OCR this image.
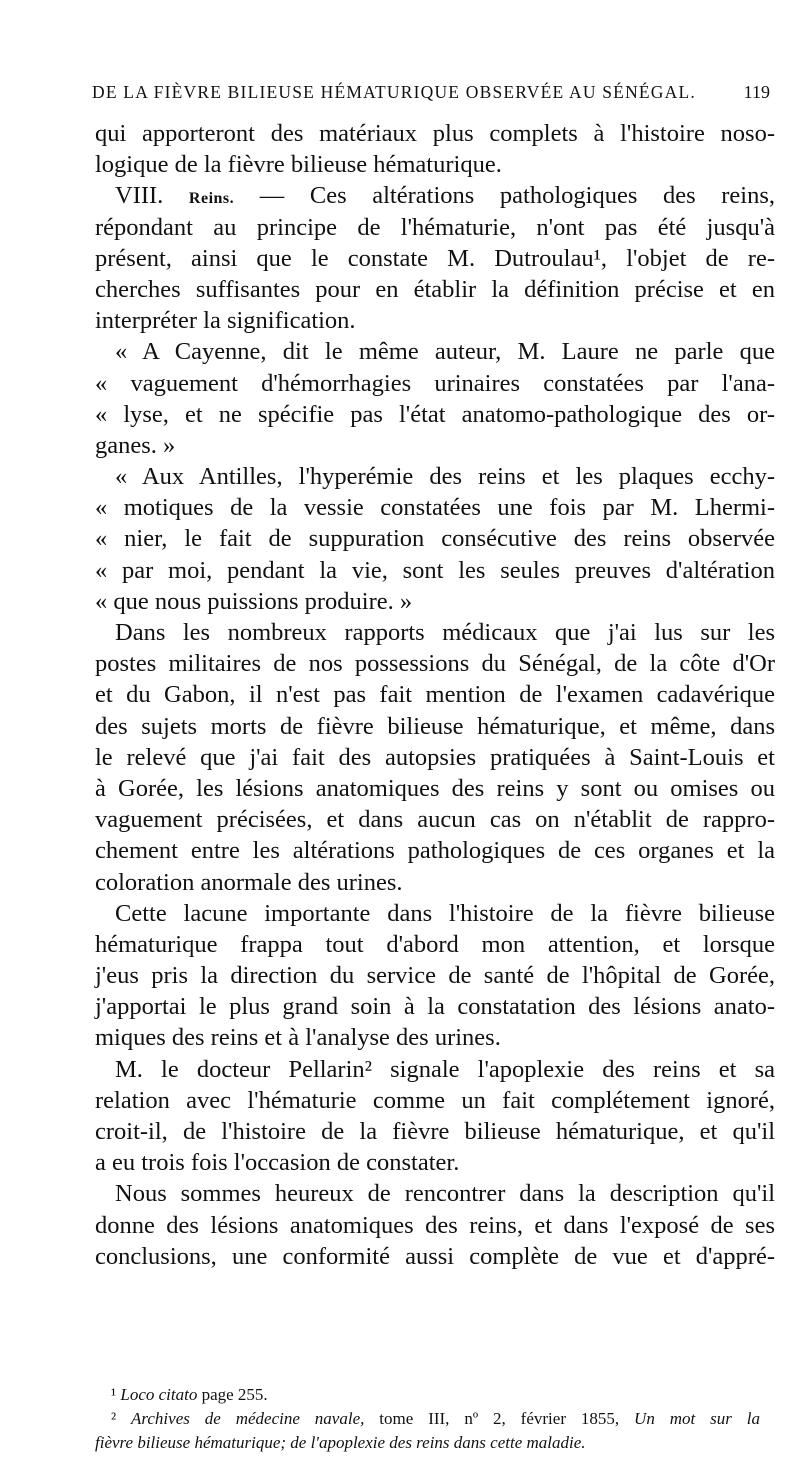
DE LA FIÈVRE BILIEUSE HÉMATURIQUE OBSERVÉE AU SÉNÉGAL.	119
qui apporteront des matériaux plus complets à l'histoire noso-
logique de la fièvre bilieuse hématurique.
VIII. Reins. — Ces altérations pathologiques des reins,
répondant au principe de l'hématurie, n'ont pas été jusqu'à
présent, ainsi que le constate M. Dutroulau¹, l'objet de re-
cherches suffisantes pour en établir la définition précise et en
interpréter la signification.
« A Cayenne, dit le même auteur, M. Laure ne parle que
« vaguement d'hémorrhagies urinaires constatées par l'ana-
« lyse, et ne spécifie pas l'état anatomo-pathologique des or-
ganes. »
« Aux Antilles, l'hyperémie des reins et les plaques ecchy-
« motiques de la vessie constatées une fois par M. Lhermi-
« nier, le fait de suppuration consécutive des reins observée
« par moi, pendant la vie, sont les seules preuves d'altération
« que nous puissions produire. »
Dans les nombreux rapports médicaux que j'ai lus sur les
postes militaires de nos possessions du Sénégal, de la côte d'Or
et du Gabon, il n'est pas fait mention de l'examen cadavérique
des sujets morts de fièvre bilieuse hématurique, et même, dans
le relevé que j'ai fait des autopsies pratiquées à Saint-Louis et
à Gorée, les lésions anatomiques des reins y sont ou omises ou
vaguement précisées, et dans aucun cas on n'établit de rappro-
chement entre les altérations pathologiques de ces organes et la
coloration anormale des urines.
Cette lacune importante dans l'histoire de la fièvre bilieuse
hématurique frappa tout d'abord mon attention, et lorsque
j'eus pris la direction du service de santé de l'hôpital de Gorée,
j'apportai le plus grand soin à la constatation des lésions anato-
miques des reins et à l'analyse des urines.
M. le docteur Pellarin² signale l'apoplexie des reins et sa
relation avec l'hématurie comme un fait complétement ignoré,
croit-il, de l'histoire de la fièvre bilieuse hématurique, et qu'il
a eu trois fois l'occasion de constater.
Nous sommes heureux de rencontrer dans la description qu'il
donne des lésions anatomiques des reins, et dans l'exposé de ses
conclusions, une conformité aussi complète de vue et d'appré-
¹ Loco citato page 255.
² Archives de médecine navale, tome III, nº 2, février 1855, Un mot sur la
fièvre bilieuse hématurique; de l'apoplexie des reins dans cette maladie.
